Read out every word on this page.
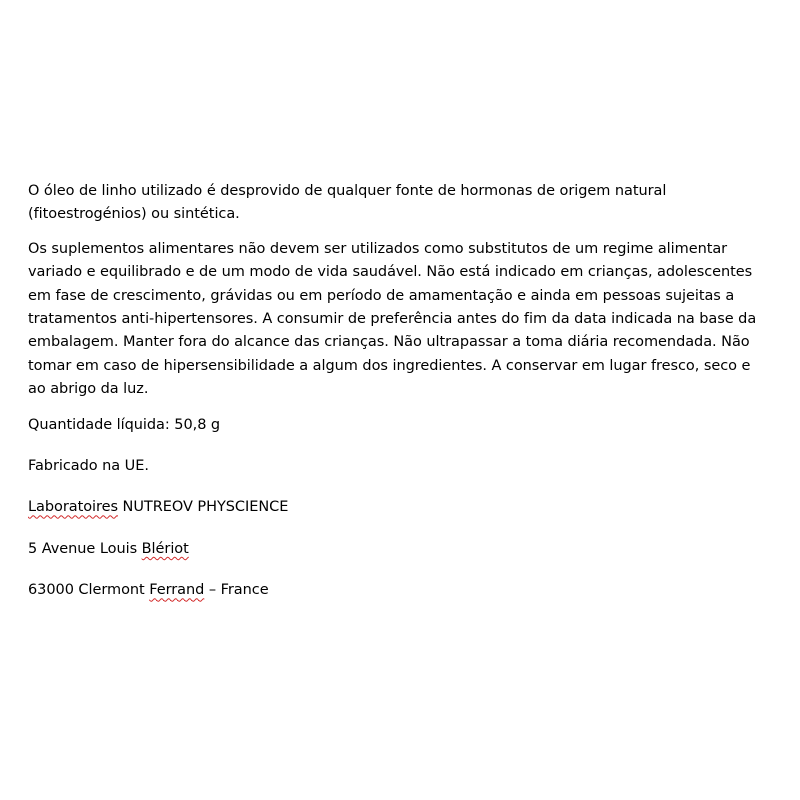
O óleo de linho utilizado é desprovido de qualquer fonte de hormonas de origem natural (fitoestrogénios) ou sintética.

Os suplementos alimentares não devem ser utilizados como substitutos de um regime alimentar variado e equilibrado e de um modo de vida saudável. Não está indicado em crianças, adolescentes em fase de crescimento, grávidas ou em período de amamentação e ainda em pessoas sujeitas a tratamentos anti-hipertensores. A consumir de preferência antes do fim da data indicada na base da embalagem. Manter fora do alcance das crianças. Não ultrapassar a toma diária recomendada. Não tomar em caso de hipersensibilidade a algum dos ingredientes. A conservar em lugar fresco, seco e ao abrigo da luz.

Quantidade líquida: 50,8 g

Fabricado na UE.

Laboratoires NUTREOV PHYSCIENCE

5 Avenue Louis Blériot

63000 Clermont Ferrand – France
